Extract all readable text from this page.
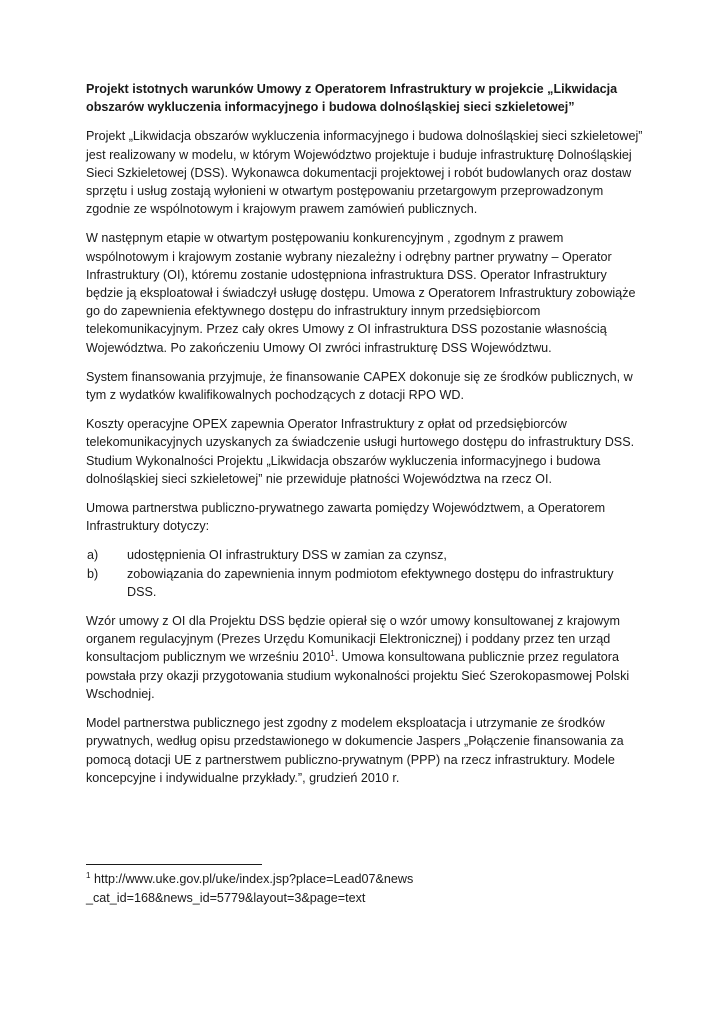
Projekt istotnych warunków Umowy z Operatorem Infrastruktury w projekcie „Likwidacja obszarów wykluczenia informacyjnego i budowa dolnośląskiej sieci szkieletowej”

Projekt „Likwidacja obszarów wykluczenia informacyjnego i budowa dolnośląskiej sieci szkieletowej” jest realizowany w modelu, w którym Województwo projektuje i buduje infrastrukturę Dolnośląskiej Sieci Szkieletowej (DSS). Wykonawca dokumentacji projektowej i robót budowlanych oraz dostaw sprzętu i usług zostają wyłonieni w otwartym postępowaniu przetargowym przeprowadzonym zgodnie ze wspólnotowym i krajowym prawem zamówień publicznych.

W następnym etapie w otwartym postępowaniu konkurencyjnym , zgodnym z prawem wspólnotowym i krajowym zostanie wybrany niezależny i odrębny partner prywatny – Operator Infrastruktury (OI), któremu zostanie udostępniona infrastruktura DSS. Operator Infrastruktury będzie ją eksploatował i świadczył usługę dostępu. Umowa z Operatorem Infrastruktury zobowiąże go do zapewnienia efektywnego dostępu do infrastruktury innym przedsiębiorcom telekomunikacyjnym. Przez cały okres Umowy z OI infrastruktura DSS pozostanie własnością Województwa. Po zakończeniu Umowy OI zwróci infrastrukturę DSS Województwu.

System finansowania przyjmuje, że finansowanie CAPEX dokonuje się ze środków publicznych, w tym z wydatków kwalifikowalnych pochodzących z dotacji RPO WD.

Koszty operacyjne OPEX zapewnia Operator Infrastruktury z opłat od przedsiębiorców telekomunikacyjnych uzyskanych za świadczenie usługi hurtowego dostępu do infrastruktury DSS. Studium Wykonalności Projektu „Likwidacja obszarów wykluczenia informacyjnego i budowa dolnośląskiej sieci szkieletowej” nie przewiduje płatności Województwa na rzecz OI.

Umowa partnerstwa publiczno-prywatnego zawarta pomiędzy Województwem, a Operatorem Infrastruktury dotyczy:

a)	udostępnienia OI infrastruktury DSS w zamian za czynsz,
b)	zobowiązania do zapewnienia innym podmiotom efektywnego dostępu do infrastruktury DSS.

Wzór umowy z OI dla Projektu DSS będzie opierał się o wzór umowy konsultowanej z krajowym organem regulacyjnym (Prezes Urzędu Komunikacji Elektronicznej) i poddany przez ten urząd konsultacjom publicznym we wrześniu 2010$^1$. Umowa konsultowana publicznie przez regulatora powstała przy okazji przygotowania studium wykonalności projektu Sieć Szerokopasmowej Polski Wschodniej.

Model partnerstwa publicznego jest zgodny z modelem eksploatacja i utrzymanie ze środków prywatnych, według opisu przedstawionego w dokumencie Jaspers „Połączenie finansowania za pomocą dotacji UE z partnerstwem publiczno-prywatnym (PPP) na rzecz infrastruktury. Modele koncepcyjne i indywidualne przykłady.”, grudzień 2010 r.

$^1$ http://www.uke.gov.pl/uke/index.jsp?place=Lead07&news
_cat_id=168&news_id=5779&layout=3&page=text
